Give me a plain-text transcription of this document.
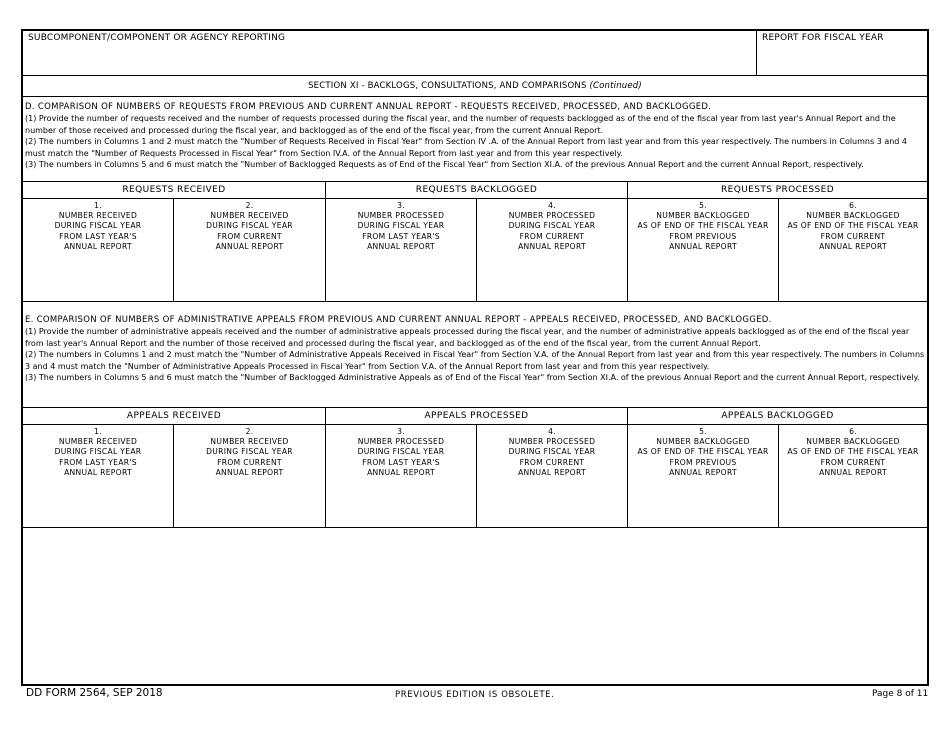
SUBCOMPONENT/COMPONENT OR AGENCY REPORTING	REPORT FOR FISCAL YEAR
SECTION XI - BACKLOGS, CONSULTATIONS, AND COMPARISONS (Continued)

D. COMPARISON OF NUMBERS OF REQUESTS FROM PREVIOUS AND CURRENT ANNUAL REPORT - REQUESTS RECEIVED, PROCESSED, AND BACKLOGGED.

(1) Provide the number of requests received and the number of requests processed during the fiscal year, and the number of requests backlogged as of the end of the fiscal year from last year's Annual Report and the number of those received and processed during the fiscal year, and backlogged as of the end of the fiscal year, from the current Annual Report.

(2) The numbers in Columns 1 and 2 must match the "Number of Requests Received in Fiscal Year" from Section IV .A. of the Annual Report from last year and from this year respectively. The numbers in Columns 3 and 4 must match the "Number of Requests Processed in Fiscal Year" from Section IV.A. of the Annual Report from last year and from this year respectively.

(3) The numbers in Columns 5 and 6 must match the "Number of Backlogged Requests as of End of the Fiscal Year" from Section XI.A. of the previous Annual Report and the current Annual Report, respectively.

REQUESTS RECEIVED	REQUESTS BACKLOGGED	REQUESTS PROCESSED
1.
NUMBER RECEIVED
DURING FISCAL YEAR
FROM LAST YEAR'S
ANNUAL REPORT
2.
NUMBER RECEIVED
DURING FISCAL YEAR
FROM CURRENT
ANNUAL REPORT
3.
NUMBER PROCESSED
DURING FISCAL YEAR
FROM LAST YEAR'S
ANNUAL REPORT
4.
NUMBER PROCESSED
DURING FISCAL YEAR
FROM CURRENT
ANNUAL REPORT
5.
NUMBER BACKLOGGED
AS OF END OF THE FISCAL YEAR
FROM PREVIOUS
ANNUAL REPORT
6.
NUMBER BACKLOGGED
AS OF END OF THE FISCAL YEAR
FROM CURRENT
ANNUAL REPORT

E. COMPARISON OF NUMBERS OF ADMINISTRATIVE APPEALS FROM PREVIOUS AND CURRENT ANNUAL REPORT - APPEALS RECEIVED, PROCESSED, AND BACKLOGGED.

(1) Provide the number of administrative appeals received and the number of administrative appeals processed during the fiscal year, and the number of administrative appeals backlogged as of the end of the fiscal year from last year's Annual Report and the number of those received and processed during the fiscal year, and backlogged as of the end of the fiscal year, from the current Annual Report.

(2) The numbers in Columns 1 and 2 must match the "Number of Administrative Appeals Received in Fiscal Year" from Section V.A. of the Annual Report from last year and from this year respectively. The numbers in Columns 3 and 4 must match the "Number of Administrative Appeals Processed in Fiscal Year" from Section V.A. of the Annual Report from last year and from this year respectively.

(3) The numbers in Columns 5 and 6 must match the "Number of Backlogged Administrative Appeals as of End of the Fiscal Year" from Section XI.A. of the previous Annual Report and the current Annual Report, respectively.

APPEALS RECEIVED	APPEALS PROCESSED	APPEALS BACKLOGGED
1.
NUMBER RECEIVED
DURING FISCAL YEAR
FROM LAST YEAR'S
ANNUAL REPORT
2.
NUMBER RECEIVED
DURING FISCAL YEAR
FROM CURRENT
ANNUAL REPORT
3.
NUMBER PROCESSED
DURING FISCAL YEAR
FROM LAST YEAR'S
ANNUAL REPORT
4.
NUMBER PROCESSED
DURING FISCAL YEAR
FROM CURRENT
ANNUAL REPORT
5.
NUMBER BACKLOGGED
AS OF END OF THE FISCAL YEAR
FROM PREVIOUS
ANNUAL REPORT
6.
NUMBER BACKLOGGED
AS OF END OF THE FISCAL YEAR
FROM CURRENT
ANNUAL REPORT
DD FORM 2564, SEP 2018	PREVIOUS EDITION IS OBSOLETE.	Page 8 of 11
